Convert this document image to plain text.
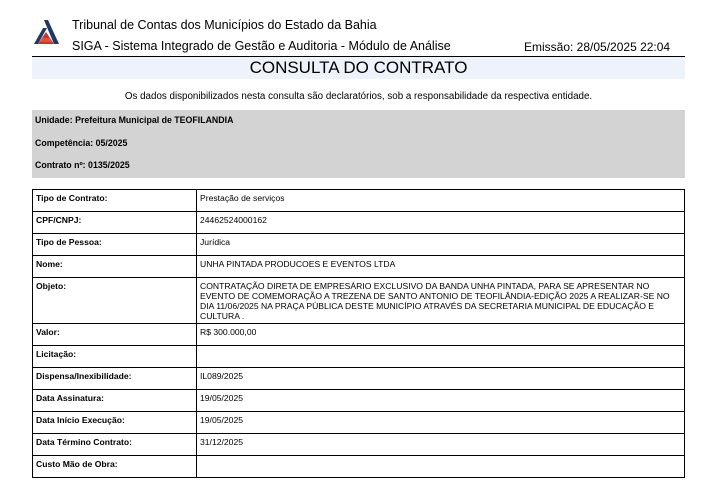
Tribunal de Contas dos Municípios do Estado da Bahia
SIGA - Sistema Integrado de Gestão e Auditoria - Módulo de Análise	Emissão: 28/05/2025 22:04
CONSULTA DO CONTRATO
Os dados disponibilizados nesta consulta são declaratórios, sob a responsabilidade da respectiva entidade.
Unidade: Prefeitura Municipal de TEOFILANDIA
Competência: 05/2025
Contrato nº: 0135/2025
Tipo de Contrato:	Prestação de serviços
CPF/CNPJ:	24462524000162
Tipo de Pessoa:	Jurídica
Nome:	UNHA PINTADA PRODUCOES E EVENTOS LTDA
Objeto:	CONTRATAÇÃO DIRETA DE EMPRESÁRIO EXCLUSIVO DA BANDA UNHA PINTADA, PARA SE APRESENTAR NO EVENTO DE COMEMORAÇÃO A TREZENA DE SANTO ANTONIO DE TEOFILÂNDIA-EDIÇÃO 2025 A REALIZAR-SE NO DIA 11/06/2025 NA PRAÇA PÚBLICA DESTE MUNICÍPIO ATRAVÉS DA SECRETARIA MUNICIPAL DE EDUCAÇÃO E CULTURA .
Valor:	R$ 300.000,00
Licitação:	
Dispensa/Inexibilidade:	IL089/2025
Data Assinatura:	19/05/2025
Data Início Execução:	19/05/2025
Data Término Contrato:	31/12/2025
Custo Mão de Obra:	
